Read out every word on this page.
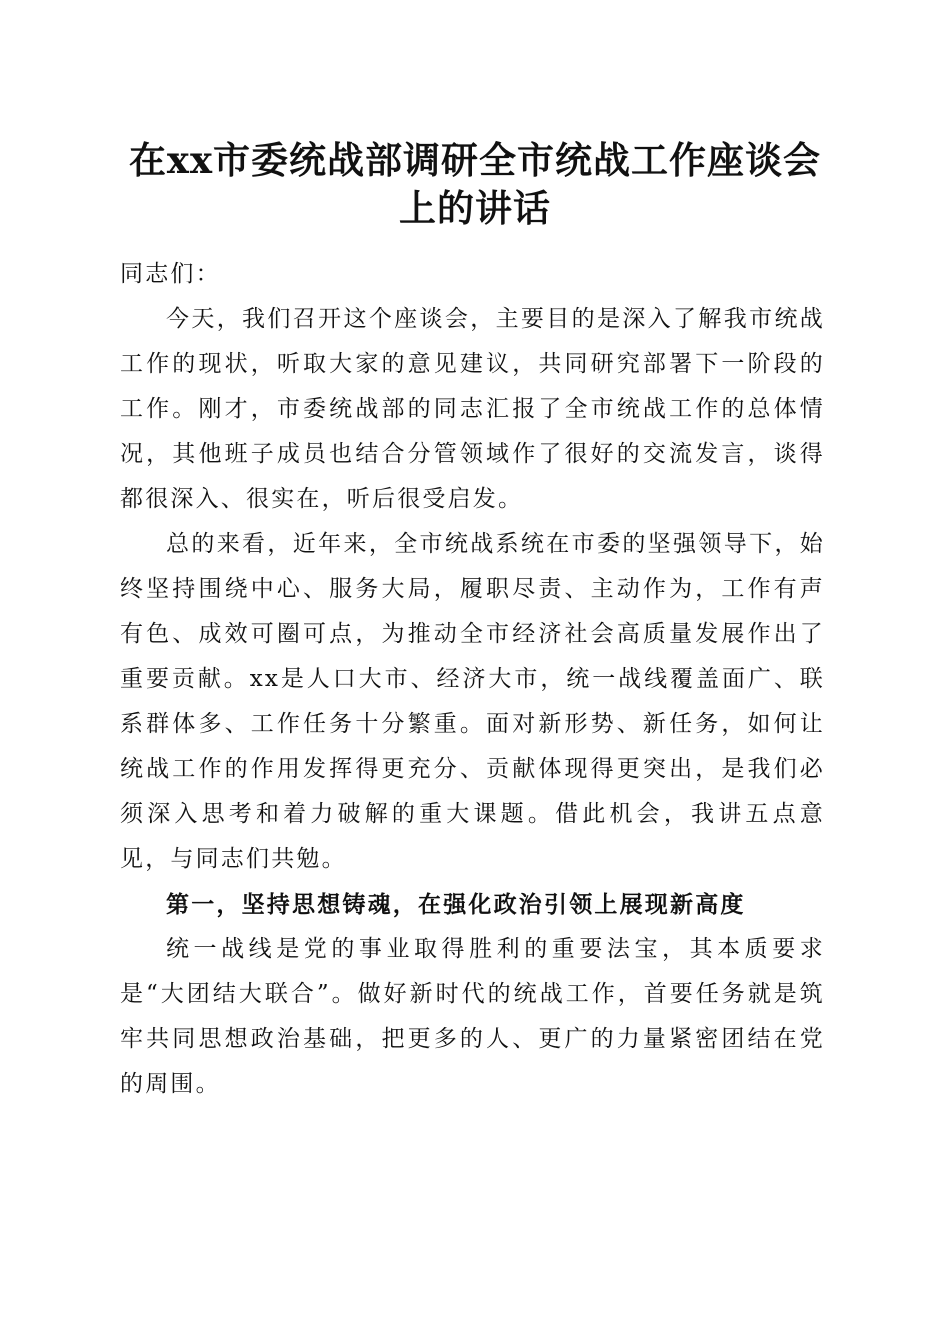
在xx市委统战部调研全市统战工作座谈会上的讲话

同志们：

今天，我们召开这个座谈会，主要目的是深入了解我市统战工作的现状，听取大家的意见建议，共同研究部署下一阶段的工作。刚才，市委统战部的同志汇报了全市统战工作的总体情况，其他班子成员也结合分管领域作了很好的交流发言，谈得都很深入、很实在，听后很受启发。

总的来看，近年来，全市统战系统在市委的坚强领导下，始终坚持围绕中心、服务大局，履职尽责、主动作为，工作有声有色、成效可圈可点，为推动全市经济社会高质量发展作出了重要贡献。xx是人口大市、经济大市，统一战线覆盖面广、联系群体多、工作任务十分繁重。面对新形势、新任务，如何让统战工作的作用发挥得更充分、贡献体现得更突出，是我们必须深入思考和着力破解的重大课题。借此机会，我讲五点意见，与同志们共勉。

第一，坚持思想铸魂，在强化政治引领上展现新高度

统一战线是党的事业取得胜利的重要法宝，其本质要求是“大团结大联合”。做好新时代的统战工作，首要任务就是筑牢共同思想政治基础，把更多的人、更广的力量紧密团结在党的周围。
